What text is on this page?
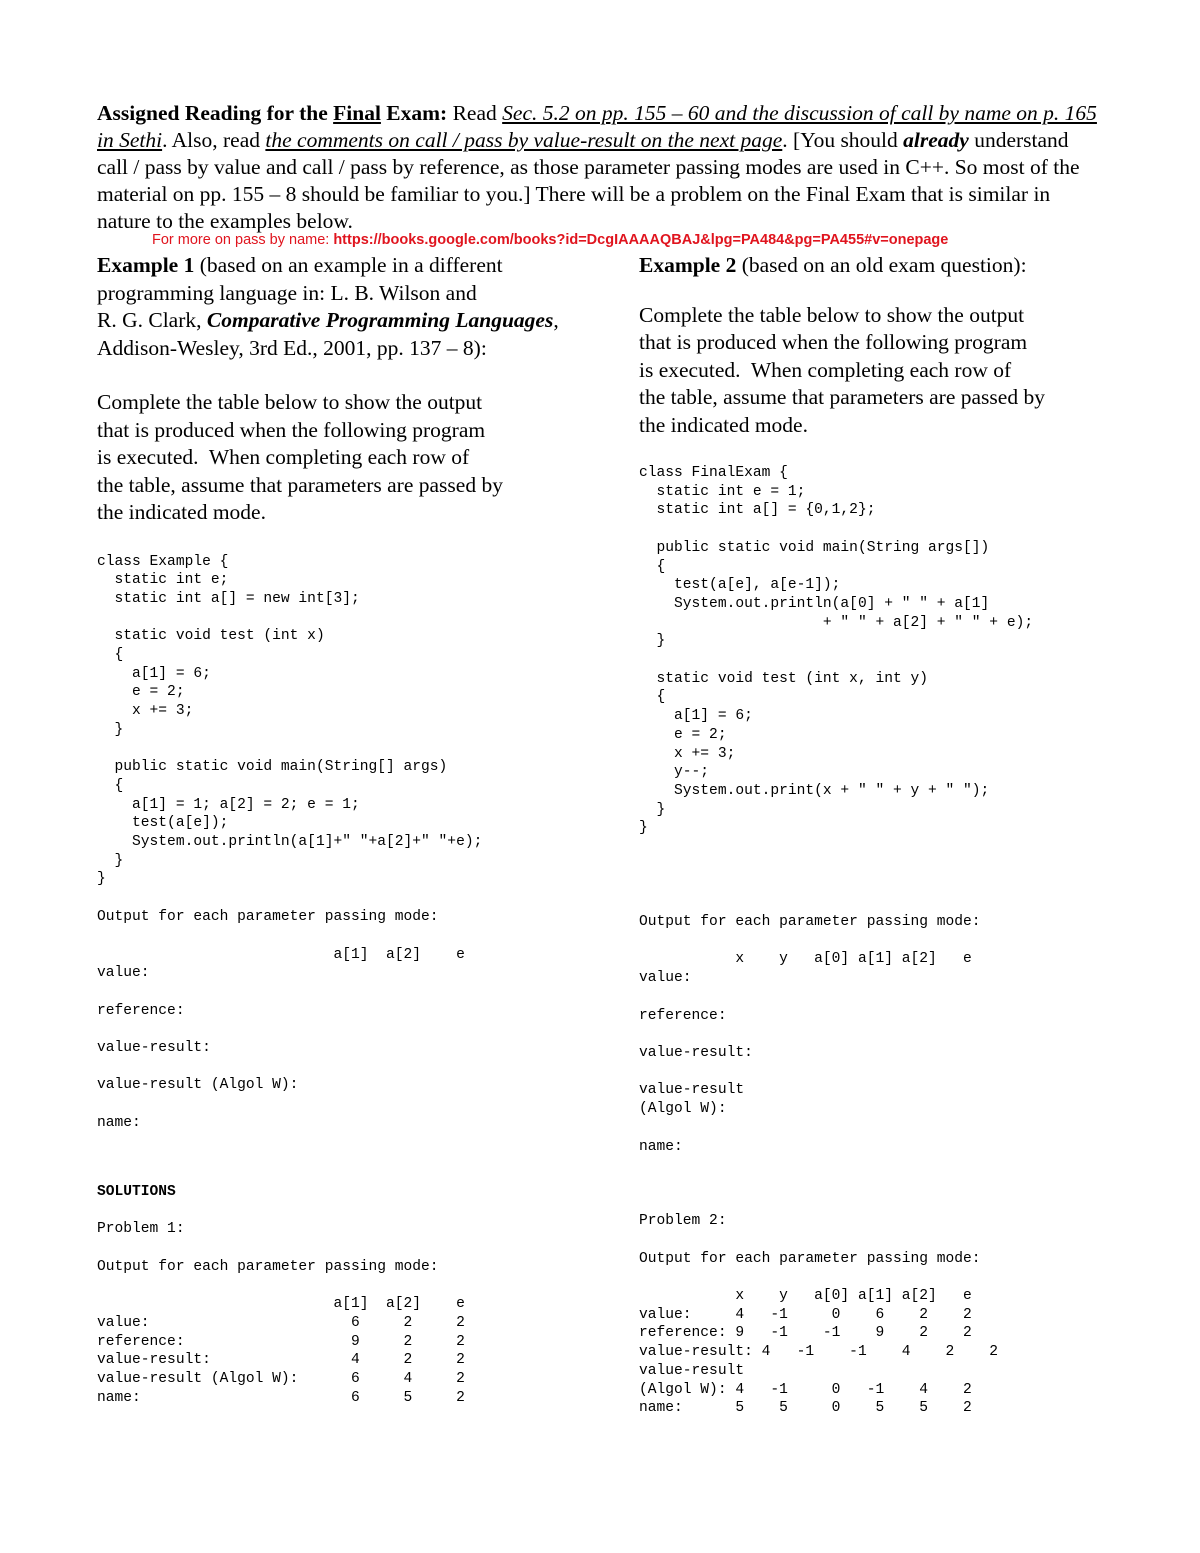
Assigned Reading for the Final Exam: Read Sec. 5.2 on pp. 155 – 60 and the discussion of call by name on p. 165 in Sethi. Also, read the comments on call / pass by value-result on the next page. [You should already understand call / pass by value and call / pass by reference, as those parameter passing modes are used in C++. So most of the material on pp. 155 – 8 should be familiar to you.] There will be a problem on the Final Exam that is similar in nature to the examples below.
For more on pass by name: https://books.google.com/books?id=DcgIAAAAQBAJ&lpg=PA484&pg=PA455#v=onepage
Example 1 (based on an example in a different
programming language in: L. B. Wilson and
R. G. Clark, Comparative Programming Languages,
Addison-Wesley, 3rd Ed., 2001, pp. 137 – 8):
Complete the table below to show the output
that is produced when the following program
is executed.  When completing each row of
the table, assume that parameters are passed by
the indicated mode.
class Example {
static int e;
static int a[] = new int[3];

static void test (int x)
{
a[1] = 6;
e = 2;
x += 3;
}

public static void main(String[] args)
{
a[1] = 1; a[2] = 2; e = 1;
test(a[e]);
System.out.println(a[1]+" "+a[2]+" "+e);
}
}
Output for each parameter passing mode:

a[1]  a[2]    e
value:

reference:

value-result:

value-result (Algol W):

name:
SOLUTIONS
Problem 1:

Output for each parameter passing mode:

a[1]  a[2]    e
value:                       6     2     2
reference:                   9     2     2
value-result:                4     2     2
value-result (Algol W):      6     4     2
name:                        6     5     2
Example 2 (based on an old exam question):
Complete the table below to show the output
that is produced when the following program
is executed.  When completing each row of
the table, assume that parameters are passed by
the indicated mode.
class FinalExam {
static int e = 1;
static int a[] = {0,1,2};

public static void main(String args[])
{
test(a[e], a[e-1]);
System.out.println(a[0] + " " + a[1]
+ " " + a[2] + " " + e);
}

static void test (int x, int y)
{
a[1] = 6;
e = 2;
x += 3;
y--;
System.out.print(x + " " + y + " ");
}
}
Output for each parameter passing mode:

x    y   a[0] a[1] a[2]   e
value:

reference:

value-result:

value-result
(Algol W):

name:
Problem 2:

Output for each parameter passing mode:

x    y   a[0] a[1] a[2]   e
value:     4   -1     0    6    2    2
reference: 9   -1    -1    9    2    2
value-result: 4   -1    -1    4    2    2
value-result
(Algol W): 4   -1     0   -1    4    2
name:      5    5     0    5    5    2
